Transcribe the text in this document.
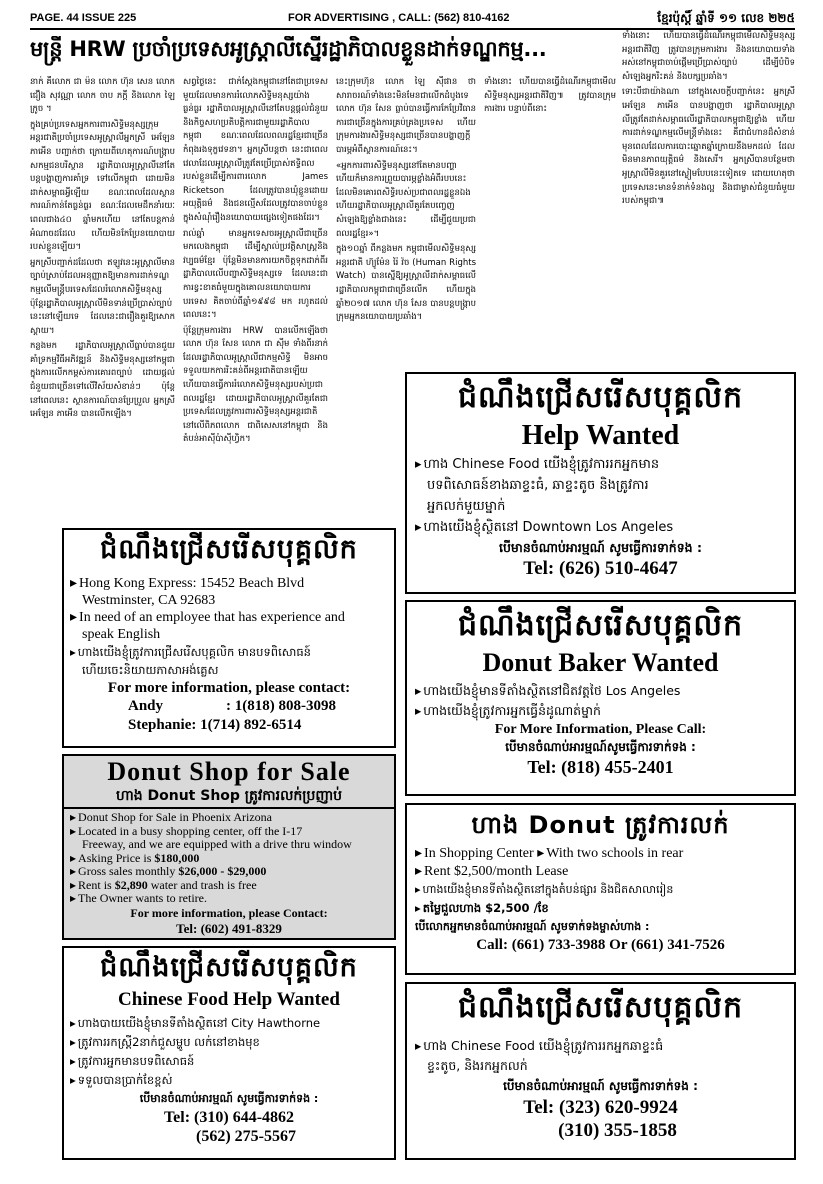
PAGE. 44 ISSUE 225	FOR ADVERTISING , CALL: (562) 810-4162	ខ្មែរប៉ុស្តិ៍ ឆ្នាំទី ១១ លេខ ២២៥
មន្ត្រី HRW ប្រចាំប្រទេសអូស្ត្រាលីស្នើរដ្ឋាភិបាលខ្លួនដាក់ទណ្ឌកម្ម...

នាក់ គឺលោក ជា ម៉ន លោក ហ៊ុន សេន លោក ជឿង សុវណ្ណា លោក ចាប ភក្ដី និងលោក ឡៃ ក្រូច ។

ក្នុងគ្រប់ប្រទេសអ្នកការពារសិទ្ធិមនុស្សក្រុមអន្តរជាតិប្រចាំប្រទេសអូស្ត្រាលីអ្នកស្រី អេឡែន ភាអើន បញ្ជាក់ថា ក្រោយពីហេតុការណ៍បង្ក្រាបសកម្មជនបរិស្ថាន រដ្ឋាភិបាលអូស្ត្រាលីនៅតែបន្តបង្ហាញការគាំទ្រ ទៅលើកម្ពុជា ដោយមិនដាក់សម្ពាធអ្វីឡើយ ខណៈពេលដែលស្ថានការណ៍កាន់តែធ្ងន់ធ្ងរ ខណៈដែលមេដឹកនាំរយៈពេលជាង៤០ ឆ្នាំមកហើយ នៅតែបន្តកាន់អំណាចដដែល ហើយមិនកែប្រែនយោបាយរបស់ខ្លួនឡើយ។

អ្នកស្រីបញ្ជាក់ដដែលថា ឥឡូវនេះអូស្ត្រាលីមានច្បាប់ស្រាប់ដែលអនុញ្ញាតឱ្យមានការដាក់ទណ្ឌកម្មលើមន្ត្រីបរទេសដែលរំលោភសិទ្ធិមនុស្ស ប៉ុន្តែរដ្ឋាភិបាលអូស្ត្រាលីមិនទាន់ប្រើប្រាស់ច្បាប់នេះនៅឡើយទេ ដែលនេះជារឿងគួរឱ្យសោកស្ដាយ។

កន្លងមក រដ្ឋាភិបាលអូស្ត្រាលីធ្លាប់បានជួយគាំទ្រកម្មវិធីអភិវឌ្ឍន៍ និងសិទ្ធិមនុស្សនៅកម្ពុជា ក្នុងការលើកកម្ពស់ការគោរពច្បាប់ ដោយផ្ដល់ជំនួយជាច្រើនទៅលើវិស័យសំខាន់ៗ ប៉ុន្តែនៅពេលនេះ ស្ថានការណ៍បានប្រែប្រួល អ្នកស្រី អេឡែន ភាអើន បានលើកឡើង។

សព្វថ្ងៃនេះ ជាក់ស្ដែងកម្ពុជានៅតែជាប្រទេសមួយដែលមានការរំលោភសិទ្ធិមនុស្សយ៉ាងធ្ងន់ធ្ងរ រដ្ឋាភិបាលអូស្ត្រាលីនៅតែបន្តផ្ដល់ជំនួយ និងកិច្ចសហប្រតិបត្តិការជាមួយរដ្ឋាភិបាលកម្ពុជា ខណៈពេលដែលពលរដ្ឋខ្មែរជាច្រើនកំពុងរងទុក្ខវេទនា។ អ្នកស្រីបន្ដថា នេះជាពេលវេលាដែលអូស្ត្រាលីត្រូវតែប្រើប្រាស់ឥទ្ធិពលរបស់ខ្លួនដើម្បីការពារលោក James Ricketson ដែលត្រូវបានឃុំខ្លួនដោយអយុត្តិធម៌ និងជនល្មើសដែលត្រូវបានចាប់ខ្លួន ក្នុងសំណុំរឿងនយោបាយផ្សេងទៀតផងដែរ។

រាល់ឆ្នាំ មានអ្នកទេសចរអូស្ត្រាលីជាច្រើនមកលេងកម្ពុជា ដើម្បីស្គាល់ប្រវត្តិសាស្ត្រនិងវប្បធម៌ខ្មែរ ប៉ុន្តែមិនមានការយកចិត្តទុកដាក់ពីរដ្ឋាភិបាលលើបញ្ហាសិទ្ធិមនុស្សទេ ដែលនេះជាការខ្វះខាតធំមួយក្នុងគោលនយោបាយការបរទេស គិតចាប់ពីឆ្នាំ១៩៩៨ មក រហូតដល់ពេលនេះ។

ប៉ុន្តែក្រុមការងារ HRW បានលើកឡើងថា លោក ហ៊ុន សែន លោក ជា ស៊ីម ទាំងពីរនាក់ដែលរដ្ឋាភិបាលអូស្ត្រាលីជាកម្មសិទ្ធិ មិនអាចទទួលយកការរិះគន់ពីអន្តរជាតិបានឡើយ ហើយបានធ្វើការរំលោភសិទ្ធិមនុស្សរបស់ប្រជាពលរដ្ឋខ្មែរ ដោយរដ្ឋាភិបាលអូស្ត្រាលីគួរតែជាប្រទេសដែលត្រូវការពារសិទ្ធិមនុស្សអន្តរជាតិនៅលើពិភពលោក ជាពិសេសនៅកម្ពុជា និងតំបន់អាស៊ីប៉ាស៊ីហ្វិក។

នេះក្រុមហ៊ុន លោក ឡៃ ស៊ីផាន ថា សារាចរណ៍ទាំងនេះមិនមែនជាលើកដំបូងទេ លោក ហ៊ុន សែន ធ្លាប់បានធ្វើការកែប្រែវិធានការជាច្រើនក្នុងការគ្រប់គ្រងប្រទេស ហើយក្រុមការងារសិទ្ធិមនុស្សជាច្រើនបានបង្ហាញក្ដីបារម្ភអំពីស្ថានការណ៍នេះ។

«អ្នកការពារសិទ្ធិមនុស្សនៅតែមានបញ្ហា ហើយក៏មានការព្រួយបារម្ភខ្លាំងអំពីរបបនេះ ដែលមិនគោរពសិទ្ធិរបស់ប្រជាពលរដ្ឋខ្លួនឯង ហើយរដ្ឋាភិបាលអូស្ត្រាលីគួរតែបញ្ចេញសំឡេងឱ្យខ្លាំងជាងនេះ ដើម្បីជួយប្រជាពលរដ្ឋខ្មែរ»។

ក្នុង១០ឆ្នាំ ពីកន្លងមក កម្ពុជាមើលសិទ្ធិមនុស្សអន្តរជាតិ ហ៊្យូម៉ែន រ៉ៃ វ៉ច (Human Rights Watch) បានស្នើឱ្យអូស្ត្រាលីដាក់សម្ពាធលើរដ្ឋាភិបាលកម្ពុជាជាច្រើនលើក ហើយក្នុងឆ្នាំ២០១៧ លោក ហ៊ុន សែន បានបន្តបង្ក្រាបក្រុមអ្នកនយោបាយប្រឆាំង។

ទាំងនោះ ហើយបានធ្វើដំណើរកម្ពុជាមើលសិទ្ធិមនុស្សអន្តរជាតិវិញ ត្រូវបានក្រុមការងារ និងនយោបាយទាំងអស់នៅកម្ពុជាចាប់ផ្តើមប្រើប្រាស់ច្បាប់ ដើម្បីបំបិទសំឡេងអ្នករិះគន់ និងបក្សប្រឆាំង។

ទោះបីជាយ៉ាងណា នៅក្នុងសេចក្ដីបញ្ជាក់នេះ អ្នកស្រី អេឡែន ភាអើន បានបង្ហាញថា រដ្ឋាភិបាលអូស្ត្រាលីត្រូវតែដាក់សម្ពាធលើរដ្ឋាភិបាលកម្ពុជាឱ្យខ្លាំង ហើយការដាក់ទណ្ឌកម្មលើមន្ត្រីទាំងនេះ គឺជាជំហានដ៏សំខាន់ មុនពេលដែលការបោះឆ្នោតឆ្នាំក្រោយនឹងមកដល់ ដែលមិនមានភាពយុត្តិធម៌ និងសេរី។ អ្នកស្រីបានបន្ថែមថា អូស្ត្រាលីមិនគួរនៅស្ងៀមបែបនេះទៀតទេ ដោយហេតុថា ប្រទេសនេះមានទំនាក់ទំនងល្អ និងជាម្ចាស់ជំនួយធំមួយរបស់កម្ពុជា៕

ទាំងនោះ ហើយបានធ្វើដំណើរកម្ពុជាមើល សិទ្ធិមនុស្សអន្តរជាតិវិញ៕ ត្រូវបានក្រុមការងារ បន្ទាប់ពីនោះ

ជំណឹងជ្រើសរើសបុគ្គលិក
Help Wanted
▸ ហាង Chinese Food យើងខ្ញុំត្រូវការរកអ្នកមាន
បទពិសោធន៍ខាងឆាខ្ទះធំ, ឆាខ្ទះតូច និងត្រូវការ
អ្នកលក់មួយម្នាក់
▸ ហាងយើងខ្ញុំស្ថិតនៅ Downtown Los Angeles
បើមានចំណាប់អារម្មណ៍ សូមធ្វើការទាក់ទង :
Tel: (626) 510-4647
ជំណឹងជ្រើសរើសបុគ្គលិក
▸ Hong Kong Express: 15452 Beach Blvd
Westminster, CA 92683
▸ In need of an employee that has experience and
speak English
▸ ហាងយើងខ្ញុំត្រូវការជ្រើសរើសបុគ្គលិក មានបទពិសោធន៍
ហើយចេះនិយាយភាសាអង់គ្លេស
For more information, please contact:
Andy	: 1(818) 808-3098
Stephanie: 1(714) 892-6514
ជំណឹងជ្រើសរើសបុគ្គលិក
Donut Baker Wanted
▸ ហាងយើងខ្ញុំមានទីតាំងស្ថិតនៅជិតវត្តថៃ Los Angeles
▸ ហាងយើងខ្ញុំត្រូវការអ្នកធ្វើនំដូណាត់ម្នាក់
For More Information, Please Call:
បើមានចំណាប់អារម្មណ៍សូមធ្វើការទាក់ទង :
Tel: (818) 455-2401
Donut Shop for Sale
ហាង Donut Shop ត្រូវការលក់ប្រញាប់
▸ Donut Shop for Sale in Phoenix Arizona
▸ Located in a busy shopping center, off the I-17
Freeway, and we are equipped with a drive thru window
▸ Asking Price is $180,000
▸ Gross sales monthly $26,000 - $29,000
▸ Rent is $2,890 water and trash is free
▸ The Owner wants to retire.
For more information, please Contact:
Tel: (602) 491-8329
ហាង Donut ត្រូវការលក់
▸ In Shopping Center ▸ With two schools in rear
▸ Rent $2,500/month Lease
▸ ហាងយើងខ្ញុំមានទីតាំងស្ថិតនៅក្នុងតំបន់ផ្សារ និងជិតសាលារៀន
▸ តម្លៃជួលហាង $2,500 /ខែ
បើលោកអ្នកមានចំណាប់អារម្មណ៍ សូមទាក់ទងម្ចាស់ហាង :
Call: (661) 733-3988 Or (661) 341-7526
ជំណឹងជ្រើសរើសបុគ្គលិក
Chinese Food Help Wanted
▸ ហាងបាយយើងខ្ញុំមានទីតាំងស្ថិតនៅ City Hawthorne
▸ ត្រូវការរកស្ត្រី2នាក់ជួសម្ហូប លក់នៅខាងមុខ
▸ ត្រូវការអ្នកមានបទពិសោធន៍
▸ ទទួលបានប្រាក់ខែខ្ពស់
បើមានចំណាប់អារម្មណ៍ សូមធ្វើការទាក់ទង :
Tel: (310) 644-4862
(562) 275-5567
ជំណឹងជ្រើសរើសបុគ្គលិក
▸ ហាង Chinese Food យើងខ្ញុំត្រូវការរកអ្នកឆាខ្ទះធំ
ខ្ទះតូច, និងរកអ្នកលក់
បើមានចំណាប់អារម្មណ៍ សូមធ្វើការទាក់ទង :
Tel: (323) 620-9924
(310) 355-1858
